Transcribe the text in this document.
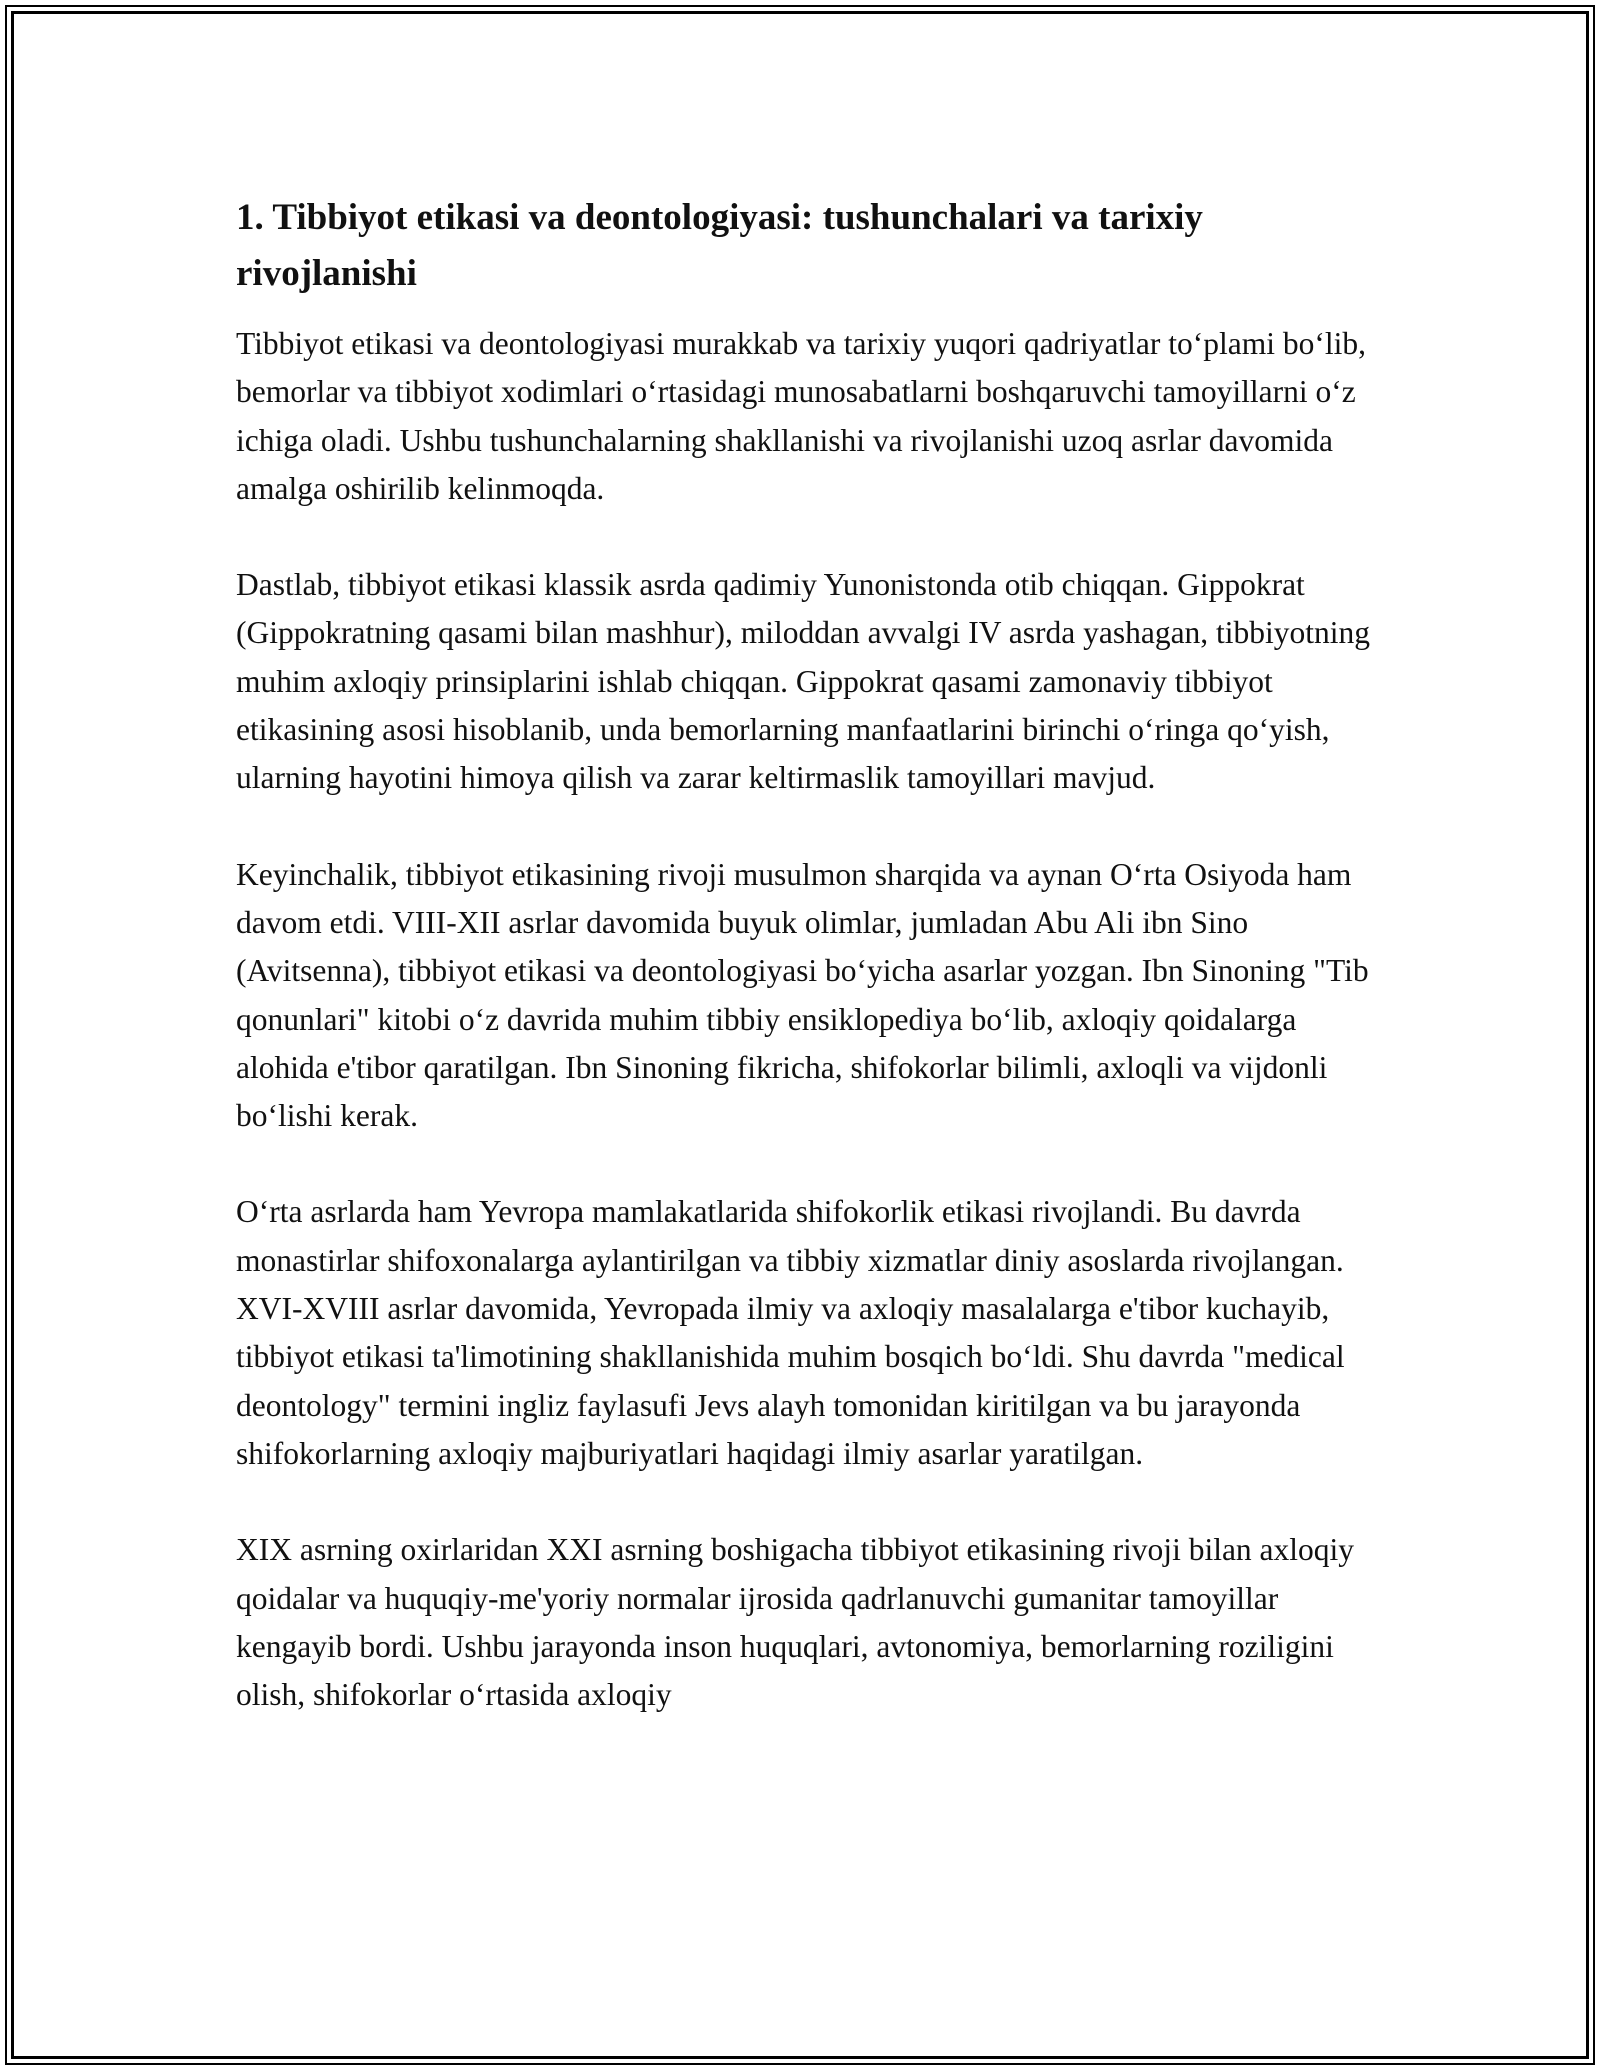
1. Tibbiyot etikasi va deontologiyasi: tushunchalari va tarixiy rivojlanishi

Tibbiyot etikasi va deontologiyasi murakkab va tarixiy yuqori qadriyatlar to‘plami bo‘lib, bemorlar va tibbiyot xodimlari o‘rtasidagi munosabatlarni boshqaruvchi tamoyillarni o‘z ichiga oladi. Ushbu tushunchalarning shakllanishi va rivojlanishi uzoq asrlar davomida amalga oshirilib kelinmoqda.

Dastlab, tibbiyot etikasi klassik asrda qadimiy Yunonistonda otib chiqqan. Gippokrat (Gippokratning qasami bilan mashhur), miloddan avvalgi IV asrda yashagan, tibbiyotning muhim axloqiy prinsiplarini ishlab chiqqan. Gippokrat qasami zamonaviy tibbiyot etikasining asosi hisoblanib, unda bemorlarning manfaatlarini birinchi o‘ringa qo‘yish, ularning hayotini himoya qilish va zarar keltirmaslik tamoyillari mavjud.

Keyinchalik, tibbiyot etikasining rivoji musulmon sharqida va aynan O‘rta Osiyoda ham davom etdi. VIII-XII asrlar davomida buyuk olimlar, jumladan Abu Ali ibn Sino (Avitsenna), tibbiyot etikasi va deontologiyasi bo‘yicha asarlar yozgan. Ibn Sinoning "Tib qonunlari" kitobi o‘z davrida muhim tibbiy ensiklopediya bo‘lib, axloqiy qoidalarga alohida e'tibor qaratilgan. Ibn Sinoning fikricha, shifokorlar bilimli, axloqli va vijdonli bo‘lishi kerak.

O‘rta asrlarda ham Yevropa mamlakatlarida shifokorlik etikasi rivojlandi. Bu davrda monastirlar shifoxonalarga aylantirilgan va tibbiy xizmatlar diniy asoslarda rivojlangan. XVI-XVIII asrlar davomida, Yevropada ilmiy va axloqiy masalalarga e'tibor kuchayib, tibbiyot etikasi ta'limotining shakllanishida muhim bosqich bo‘ldi. Shu davrda "medical deontology" termini ingliz faylasufi Jevs alayh tomonidan kiritilgan va bu jarayonda shifokorlarning axloqiy majburiyatlari haqidagi ilmiy asarlar yaratilgan.

XIX asrning oxirlaridan XXI asrning boshigacha tibbiyot etikasining rivoji bilan axloqiy qoidalar va huquqiy-me'yoriy normalar ijrosida qadrlanuvchi gumanitar tamoyillar kengayib bordi. Ushbu jarayonda inson huquqlari, avtonomiya, bemorlarning roziligini olish, shifokorlar o‘rtasida axloqiy
